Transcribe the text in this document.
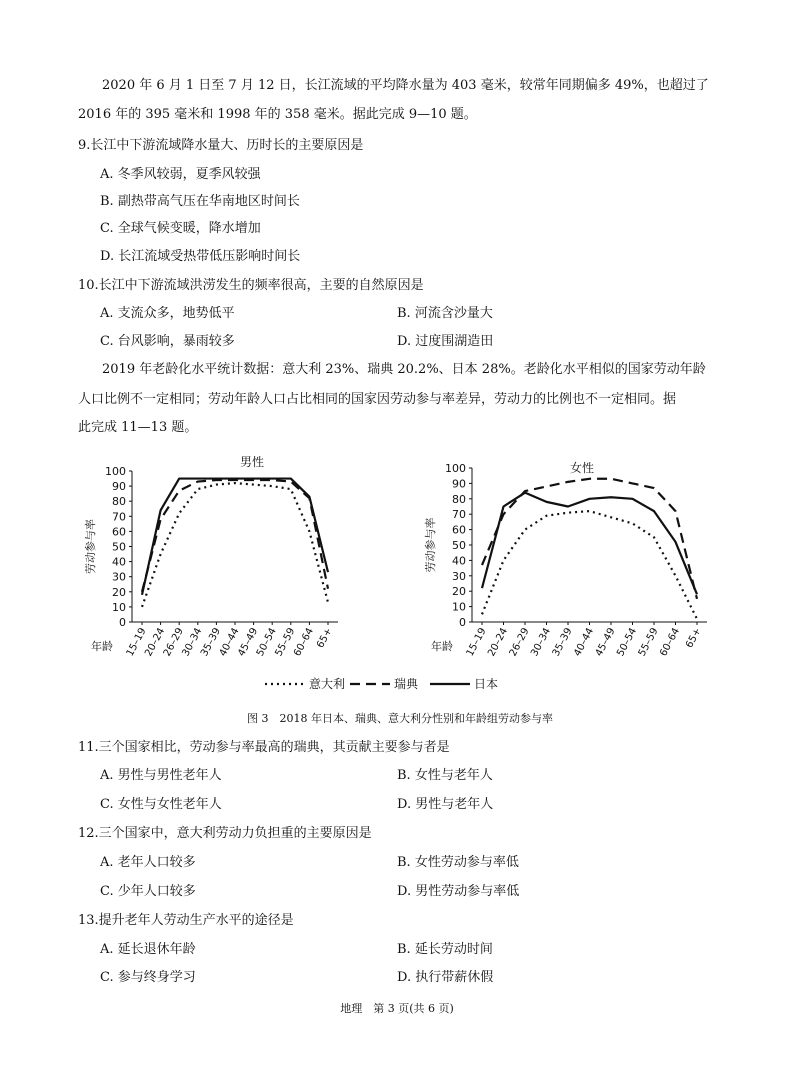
2020 年 6 月 1 日至 7 月 12 日，长江流域的平均降水量为 403 毫米，较常年同期偏多 49%，也超过了
2016 年的 395 毫米和 1998 年的 358 毫米。据此完成 9—10 题。
9.长江中下游流域降水量大、历时长的主要原因是
A. 冬季风较弱，夏季风较强
B. 副热带高气压在华南地区时间长
C. 全球气候变暖，降水增加
D. 长江流域受热带低压影响时间长
10.长江中下游流域洪涝发生的频率很高，主要的自然原因是
A. 支流众多，地势低平	B. 河流含沙量大
C. 台风影响，暴雨较多	D. 过度围湖造田
2019 年老龄化水平统计数据：意大利 23%、瑞典 20.2%、日本 28%。老龄化水平相似的国家劳动年龄
人口比例不一定相同；劳动年龄人口占比相同的国家因劳动参与率差异，劳动力的比例也不一定相同。据
此完成 11—13 题。
0
10
20
30
40
50
60
70
80
90
100
15–19
20–24
26–29
30–34
35–39
40–44
45–49
50–54
55–59
60–64
65+
男性
劳动参与率
年龄
0
10
20
30
40
50
60
70
80
90
100
15–19
20–24
26–29
30–34
35–39
40–44
45–49
50–54
55–59
60–64 65+
女性
劳动参与率
年龄
意大利	瑞典	日本
图 3　2018 年日本、瑞典、意大利分性别和年龄组劳动参与率
11.三个国家相比，劳动参与率最高的瑞典，其贡献主要参与者是
A. 男性与男性老年人	B. 女性与老年人
C. 女性与女性老年人	D. 男性与老年人
12.三个国家中，意大利劳动力负担重的主要原因是
A. 老年人口较多	B. 女性劳动参与率低
C. 少年人口较多	D. 男性劳动参与率低
13.提升老年人劳动生产水平的途径是
A. 延长退休年龄	B. 延长劳动时间
C. 参与终身学习	D. 执行带薪休假
地理　第 3 页(共 6 页)
